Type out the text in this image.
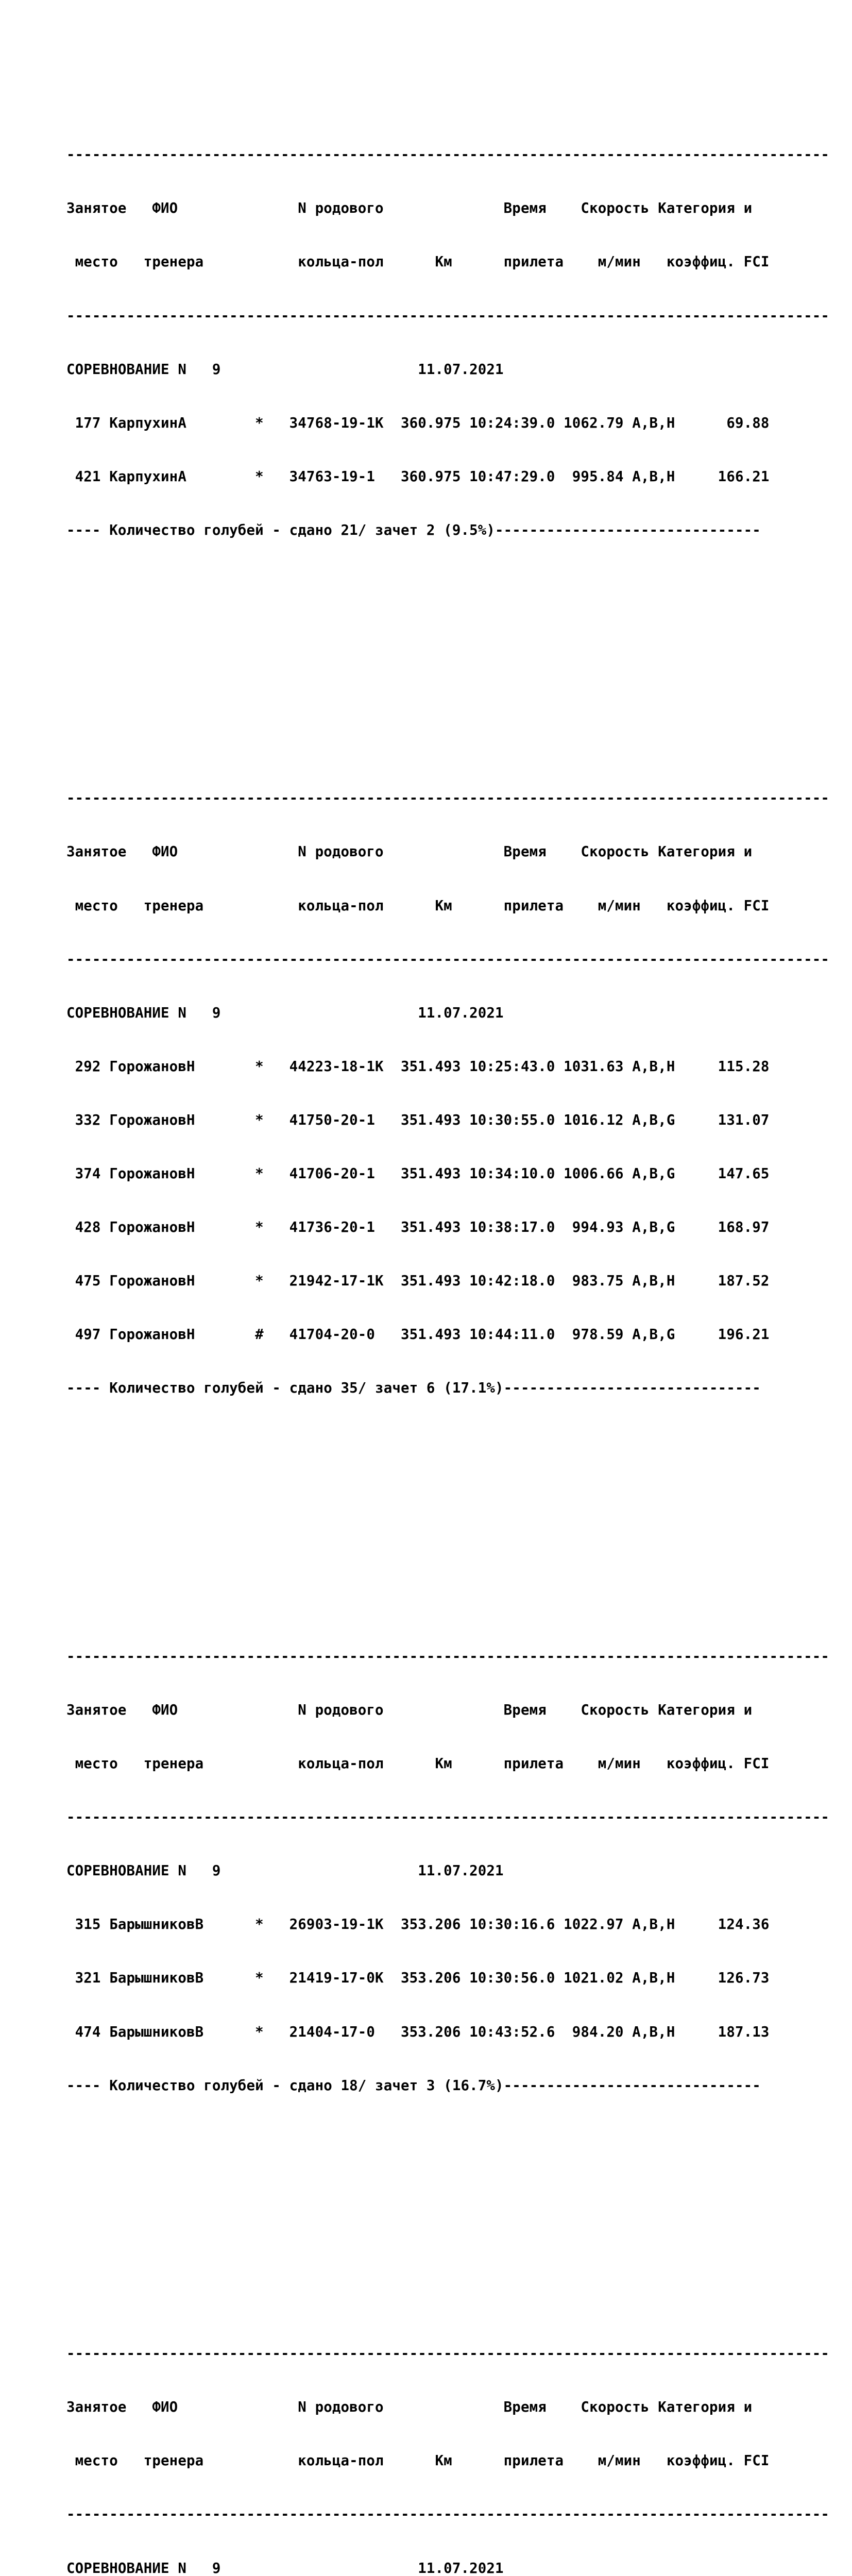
-----------------------------------------------------------------------------------------

Занятое   ФИО              N родового              Время    Скорость Категория и

место   тренера           кольца-пол      Км      прилета    м/мин   коэффиц. FCI

-----------------------------------------------------------------------------------------

СОРЕВНОВАНИЕ N   9                       11.07.2021

177 КарпухинА        *   34768-19-1К  360.975 10:24:39.0 1062.79 A,B,H      69.88

421 КарпухинА        *   34763-19-1   360.975 10:47:29.0  995.84 A,B,H     166.21

---- Количество голубей - сдано 21/ зачет 2 (9.5%)-------------------------------

-----------------------------------------------------------------------------------------

Занятое   ФИО              N родового              Время    Скорость Категория и

место   тренера           кольца-пол      Км      прилета    м/мин   коэффиц. FCI

-----------------------------------------------------------------------------------------

СОРЕВНОВАНИЕ N   9                       11.07.2021

292 ГорожановН       *   44223-18-1К  351.493 10:25:43.0 1031.63 A,B,H     115.28

332 ГорожановН       *   41750-20-1   351.493 10:30:55.0 1016.12 A,B,G     131.07

374 ГорожановН       *   41706-20-1   351.493 10:34:10.0 1006.66 A,B,G     147.65

428 ГорожановН       *   41736-20-1   351.493 10:38:17.0  994.93 A,B,G     168.97

475 ГорожановН       *   21942-17-1К  351.493 10:42:18.0  983.75 A,B,H     187.52

497 ГорожановН       #   41704-20-0   351.493 10:44:11.0  978.59 A,B,G     196.21

---- Количество голубей - сдано 35/ зачет 6 (17.1%)------------------------------

-----------------------------------------------------------------------------------------

Занятое   ФИО              N родового              Время    Скорость Категория и

место   тренера           кольца-пол      Км      прилета    м/мин   коэффиц. FCI

-----------------------------------------------------------------------------------------

СОРЕВНОВАНИЕ N   9                       11.07.2021

315 БарышниковВ      *   26903-19-1К  353.206 10:30:16.6 1022.97 A,B,H     124.36

321 БарышниковВ      *   21419-17-0К  353.206 10:30:56.0 1021.02 A,B,H     126.73

474 БарышниковВ      *   21404-17-0   353.206 10:43:52.6  984.20 A,B,H     187.13

---- Количество голубей - сдано 18/ зачет 3 (16.7%)------------------------------

-----------------------------------------------------------------------------------------

Занятое   ФИО              N родового              Время    Скорость Категория и

место   тренера           кольца-пол      Км      прилета    м/мин   коэффиц. FCI

-----------------------------------------------------------------------------------------

СОРЕВНОВАНИЕ N   9                       11.07.2021
